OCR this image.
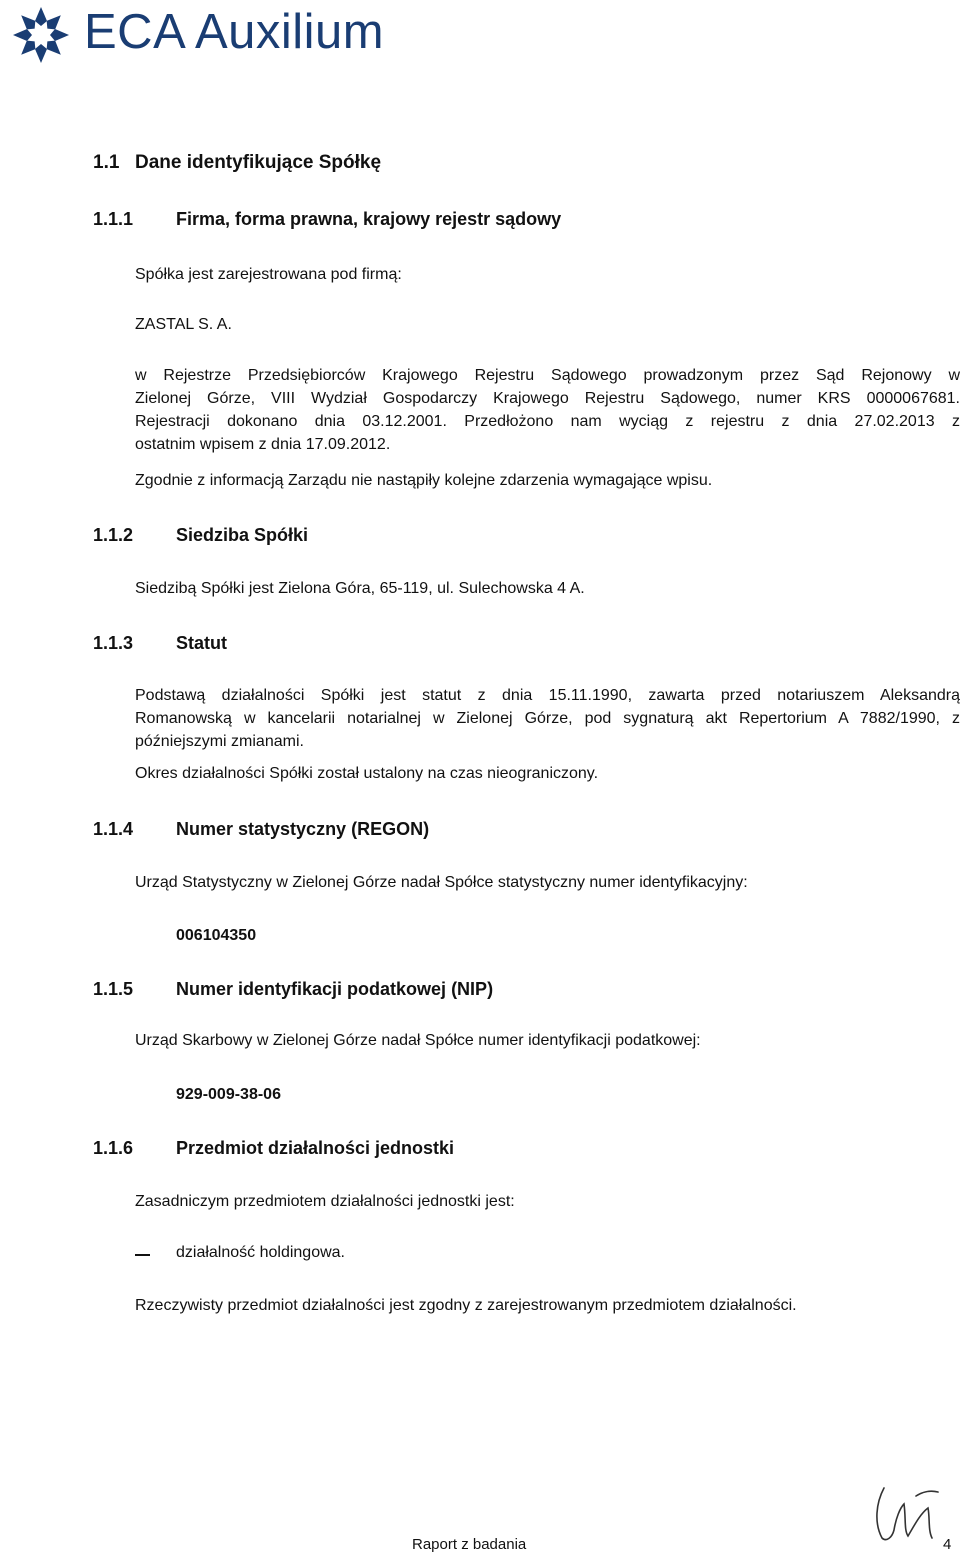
ECA Auxilium
1.1 Dane identyfikujące Spółkę
1.1.1 Firma, forma prawna, krajowy rejestr sądowy
Spółka jest zarejestrowana pod firmą:
ZASTAL S. A.
w Rejestrze Przedsiębiorców Krajowego Rejestru Sądowego prowadzonym przez Sąd Rejonowy w
Zielonej Górze, VIII Wydział Gospodarczy Krajowego Rejestru Sądowego, numer KRS 0000067681.
Rejestracji dokonano dnia 03.12.2001. Przedłożono nam wyciąg z rejestru z dnia 27.02.2013 z
ostatnim wpisem z dnia 17.09.2012.
Zgodnie z informacją Zarządu nie nastąpiły kolejne zdarzenia wymagające wpisu.
1.1.2 Siedziba Spółki
Siedzibą Spółki jest Zielona Góra, 65-119, ul. Sulechowska 4 A.
1.1.3 Statut
Podstawą działalności Spółki jest statut z dnia 15.11.1990, zawarta przed notariuszem Aleksandrą
Romanowską w kancelarii notarialnej w Zielonej Górze, pod sygnaturą akt Repertorium A 7882/1990, z
późniejszymi zmianami.
Okres działalności Spółki został ustalony na czas nieograniczony.
1.1.4 Numer statystyczny (REGON)
Urząd Statystyczny w Zielonej Górze nadał Spółce statystyczny numer identyfikacyjny:
006104350
1.1.5 Numer identyfikacji podatkowej (NIP)
Urząd Skarbowy w Zielonej Górze nadał Spółce numer identyfikacji podatkowej:
929-009-38-06
1.1.6 Przedmiot działalności jednostki
Zasadniczym przedmiotem działalności jednostki jest:
działalność holdingowa.
Rzeczywisty przedmiot działalności jest zgodny z zarejestrowanym przedmiotem działalności.
Raport z badania	4
